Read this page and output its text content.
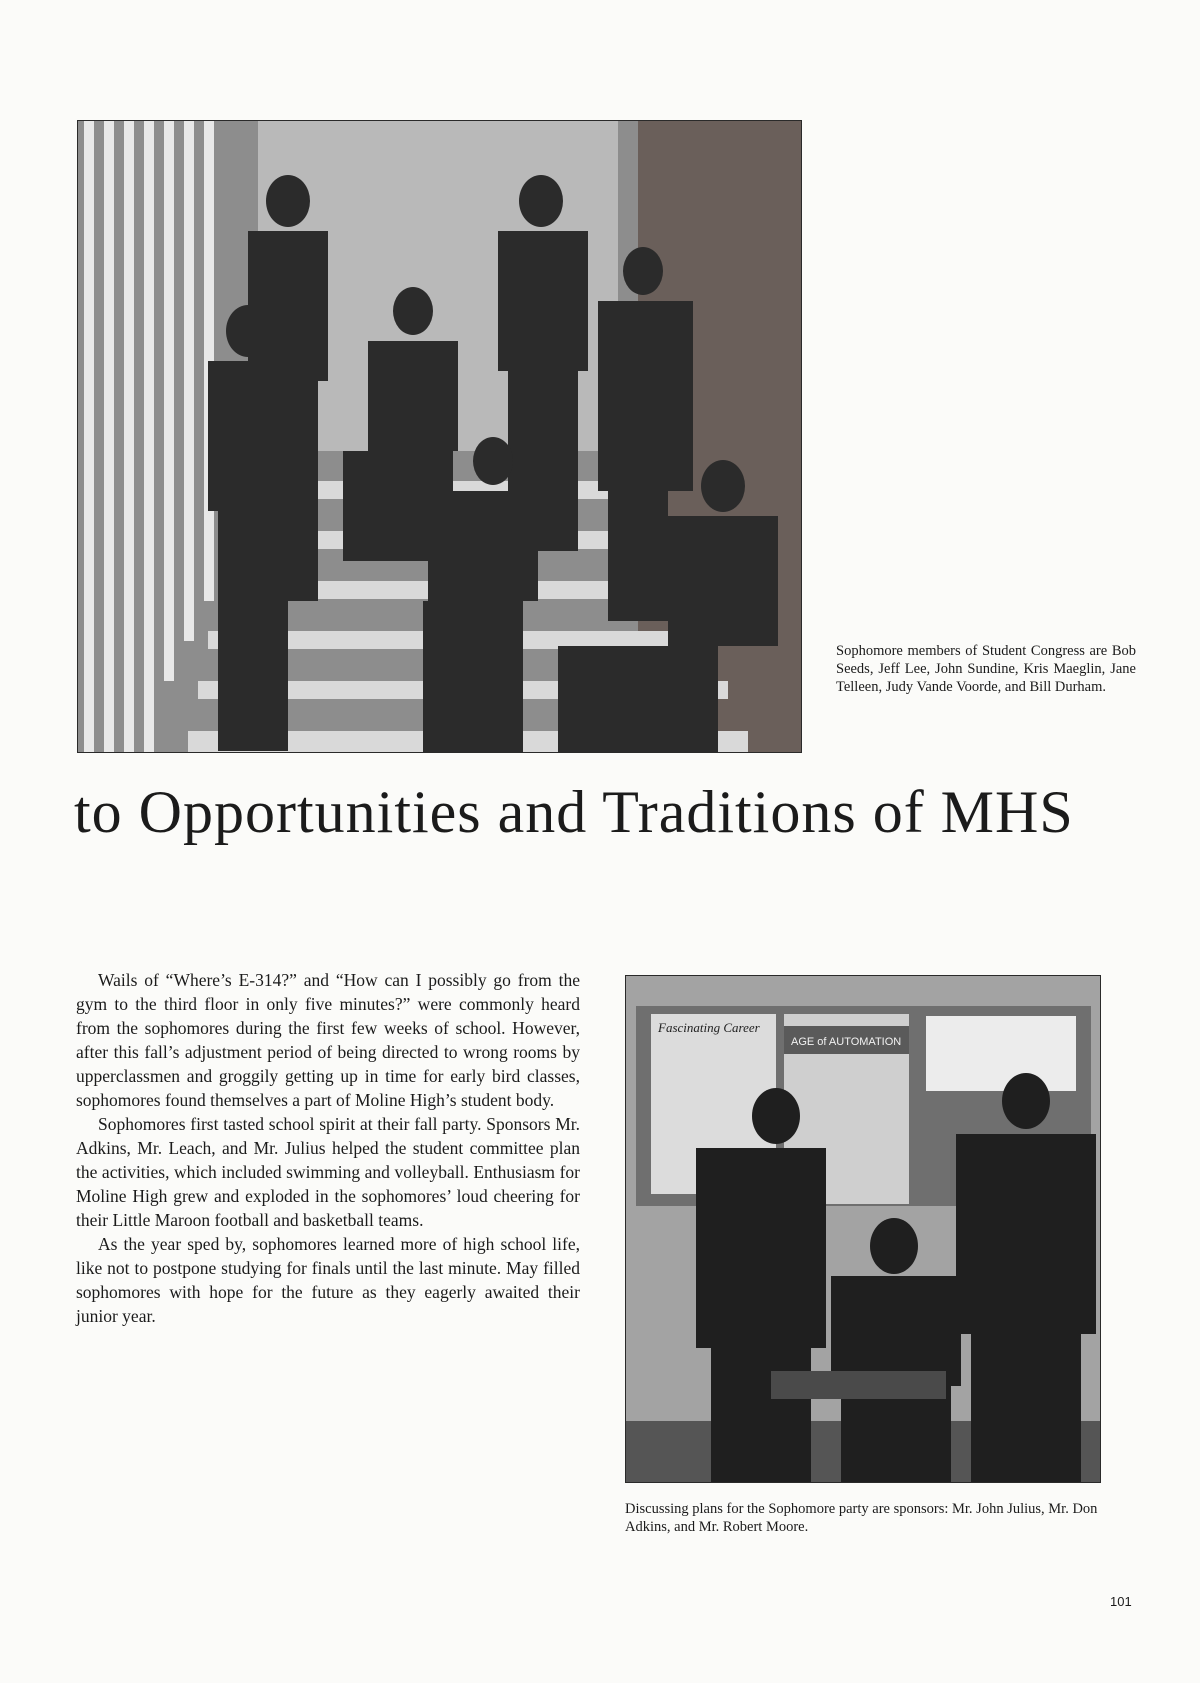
Sophomore members of Student Congress are Bob Seeds, Jeff Lee, John Sundine, Kris Maeglin, Jane Telleen, Judy Vande Voorde, and Bill Durham.

to Opportunities and Traditions of MHS

Wails of “Where’s E-314?” and “How can I possibly go from the gym to the third floor in only five minutes?” were commonly heard from the sophomores during the first few weeks of school. However, after this fall’s adjustment period of being directed to wrong rooms by upperclassmen and groggily getting up in time for early bird classes, sophomores found themselves a part of Moline High’s student body.

Sophomores first tasted school spirit at their fall party. Sponsors Mr. Adkins, Mr. Leach, and Mr. Julius helped the student committee plan the activities, which included swimming and volleyball. Enthusiasm for Moline High grew and exploded in the sophomores’ loud cheering for their Little Maroon football and basketball teams.

As the year sped by, sophomores learned more of high school life, like not to postpone studying for finals until the last minute. May filled sophomores with hope for the future as they eagerly awaited their junior year.

Fascinating Career
AGE of AUTOMATION

Discussing plans for the Sophomore party are sponsors: Mr. John Julius, Mr. Don Adkins, and Mr. Robert Moore.

101
